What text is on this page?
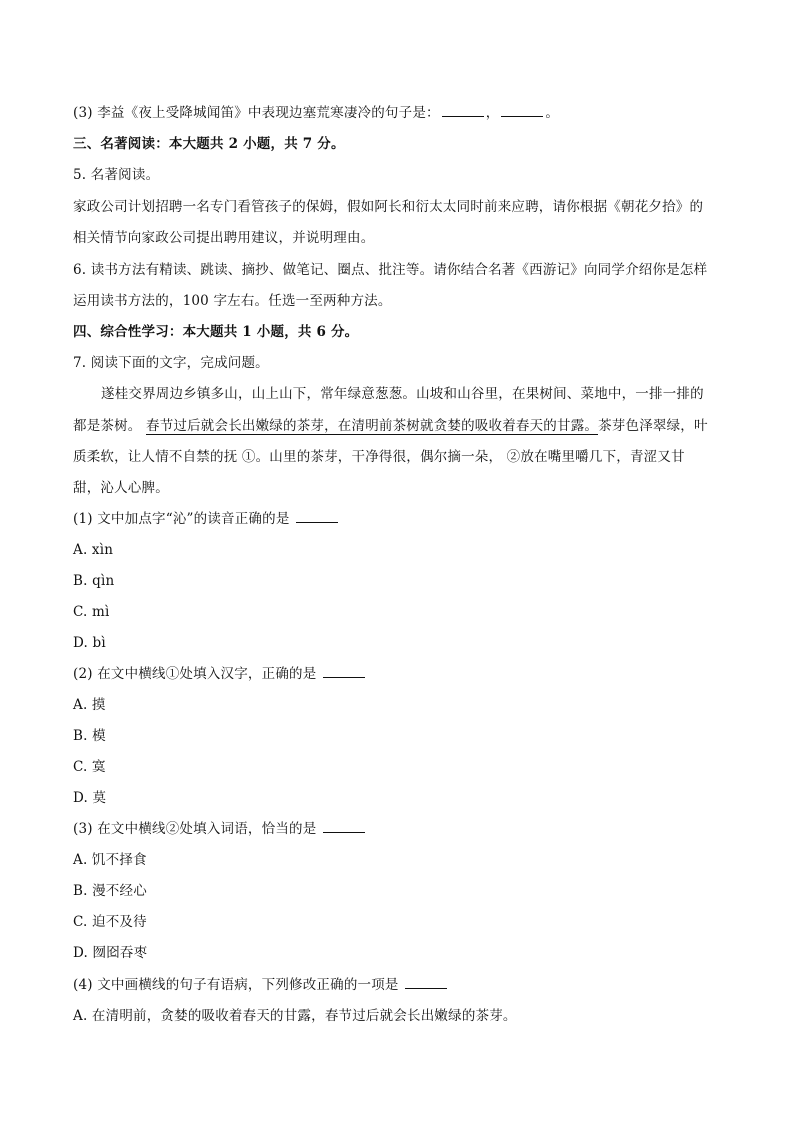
(3) 李益《夜上受降城闻笛》中表现边塞荒寒凄冷的句子是：	，	。
三、名著阅读：本大题共 2 小题，共 7 分。
5. 名著阅读。
家政公司计划招聘一名专门看管孩子的保姆，假如阿长和衍太太同时前来应聘，请你根据《朝花夕拾》的
相关情节向家政公司提出聘用建议，并说明理由。
6. 读书方法有精读、跳读、摘抄、做笔记、圈点、批注等。请你结合名著《西游记》向同学介绍你是怎样
运用读书方法的，100 字左右。任选一至两种方法。
四、综合性学习：本大题共 1 小题，共 6 分。
7. 阅读下面的文字，完成问题。
遂桂交界周边乡镇多山，山上山下，常年绿意葱葱。山坡和山谷里，在果树间、菜地中，一排一排的
都是茶树。 春节过后就会长出嫩绿的茶芽，在清明前茶树就贪婪的吸收着春天的甘露。茶芽色泽翠绿，叶
质柔软，让人情不自禁的抚 ①。山里的茶芽，干净得很，偶尔摘一朵， ②放在嘴里嚼几下，青涩又甘
甜，沁人心脾。
(1) 文中加点字“沁”的读音正确的是
A. xìn
B. qìn
C. mì
D. bì
(2) 在文中横线①处填入汉字，正确的是
A. 摸
B. 模
C. 寞
D. 莫
(3) 在文中横线②处填入词语，恰当的是
A. 饥不择食
B. 漫不经心
C. 迫不及待
D. 囫囵吞枣
(4) 文中画横线的句子有语病，下列修改正确的一项是
A. 在清明前，贪婪的吸收着春天的甘露，春节过后就会长出嫩绿的茶芽。
